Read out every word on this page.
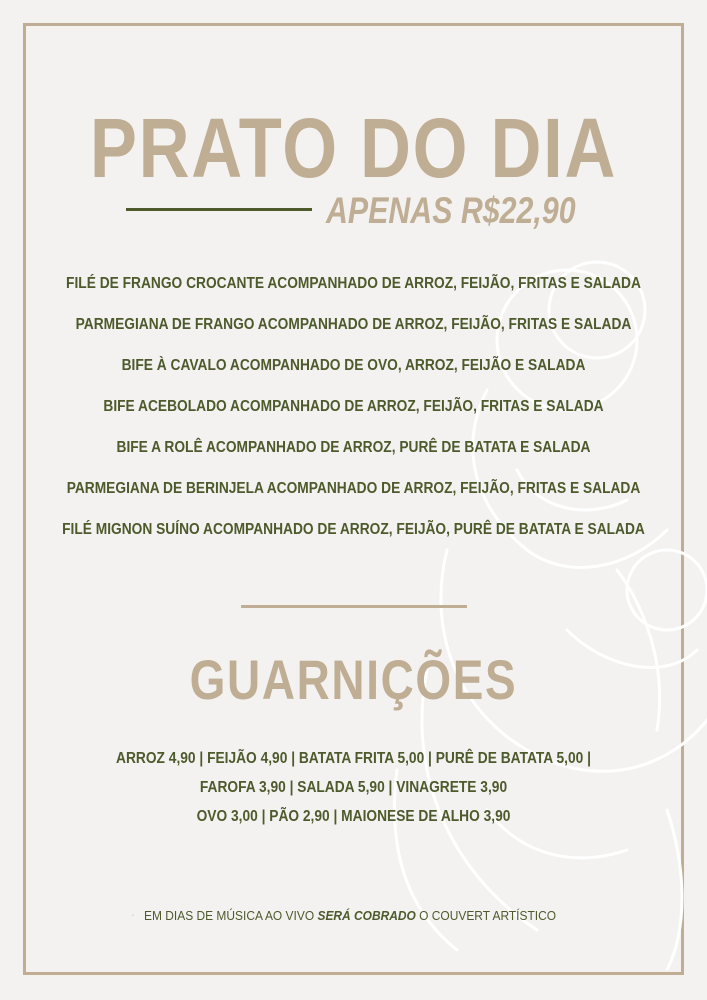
PRATO DO DIA
APENAS R$22,90
FILÉ DE FRANGO CROCANTE ACOMPANHADO DE ARROZ, FEIJÃO, FRITAS E SALADA
PARMEGIANA DE FRANGO ACOMPANHADO DE ARROZ, FEIJÃO, FRITAS E SALADA
BIFE À CAVALO ACOMPANHADO DE OVO, ARROZ, FEIJÃO E SALADA
BIFE ACEBOLADO ACOMPANHADO DE ARROZ, FEIJÃO, FRITAS E SALADA
BIFE A ROLÊ ACOMPANHADO DE ARROZ, PURÊ DE BATATA E SALADA
PARMEGIANA DE BERINJELA ACOMPANHADO DE ARROZ, FEIJÃO, FRITAS E SALADA
FILÉ MIGNON SUÍNO ACOMPANHADO DE ARROZ, FEIJÃO, PURÊ DE BATATA E SALADA
GUARNIÇÕES
ARROZ 4,90 | FEIJÃO 4,90 | BATATA FRITA 5,00 | PURÊ DE BATATA 5,00 |
FAROFA 3,90 | SALADA 5,90 | VINAGRETE 3,90
OVO 3,00 | PÃO 2,90 | MAIONESE DE ALHO 3,90
EM DIAS DE MÚSICA AO VIVO SERÁ COBRADO O COUVERT ARTÍSTICO
